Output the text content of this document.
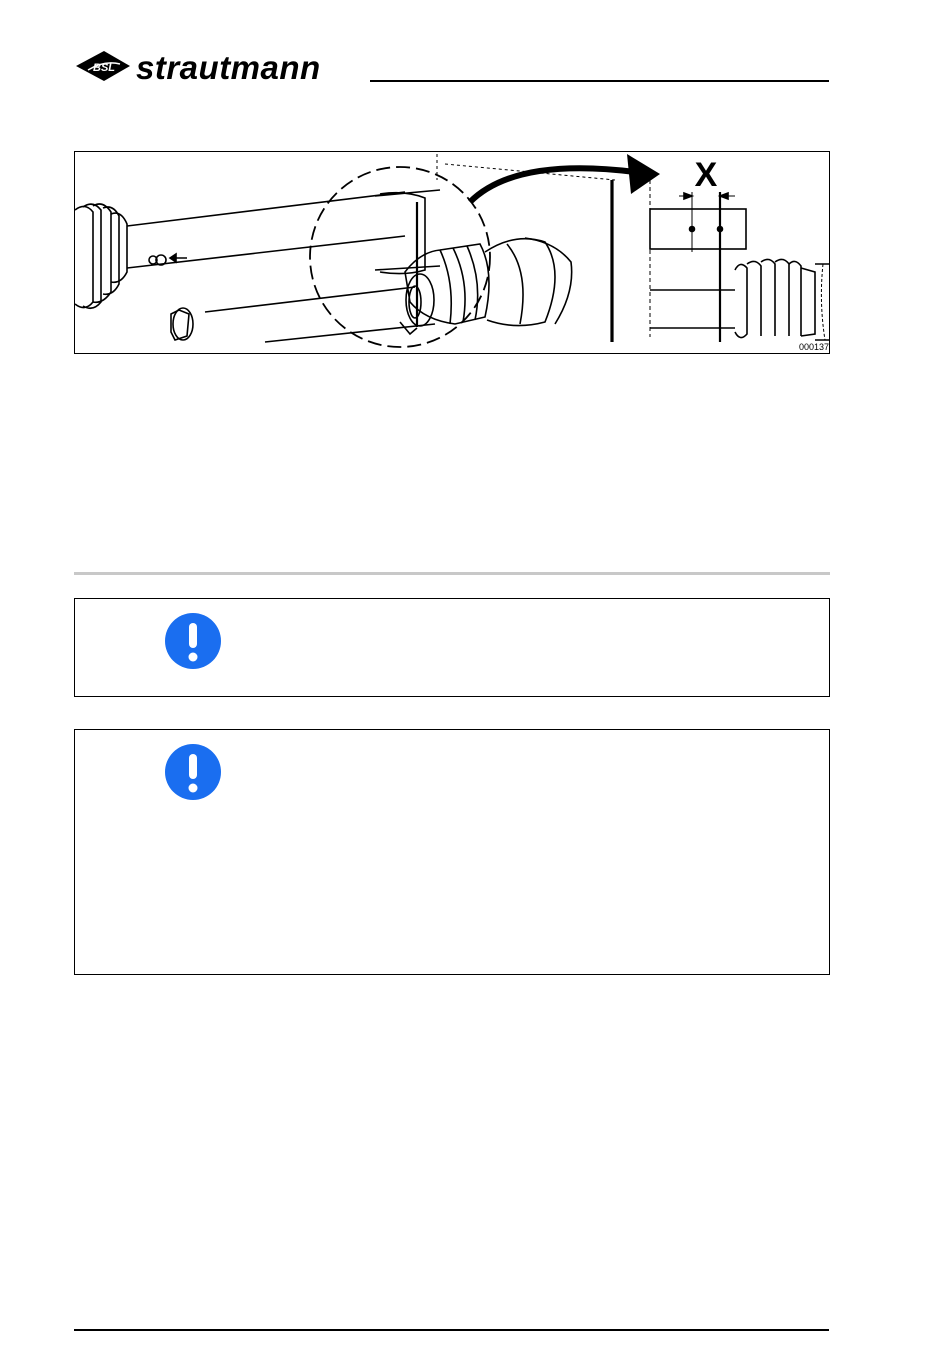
BSL strautmann
X
000137
